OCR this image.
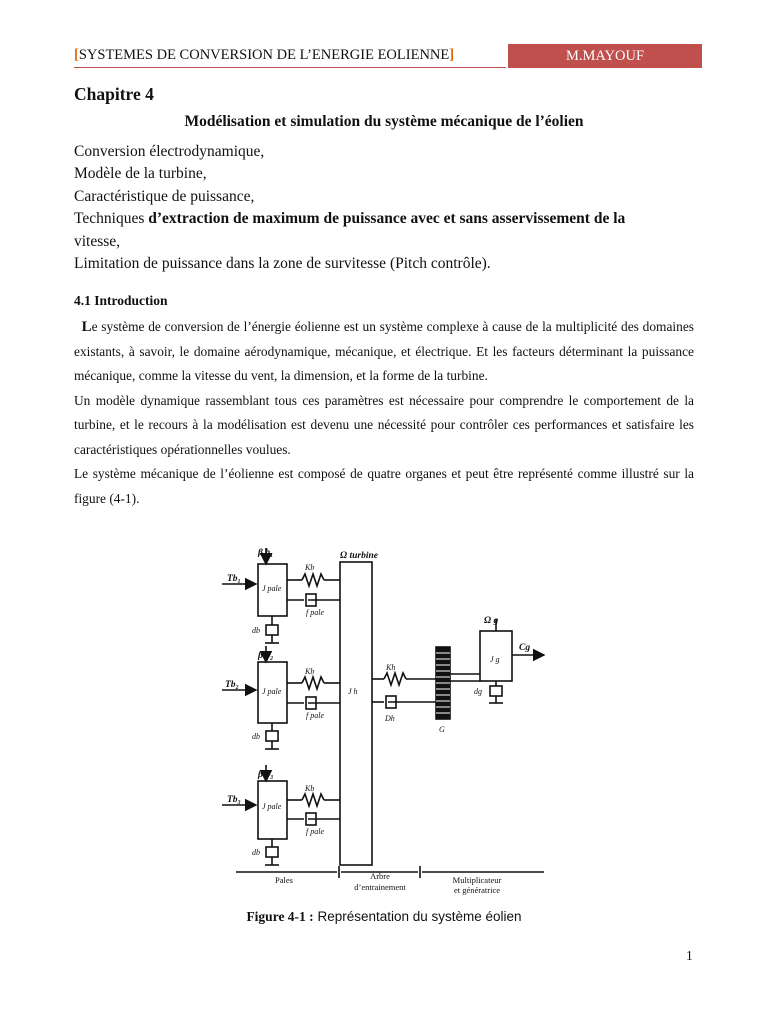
[SYSTEMES DE CONVERSION DE L’ENERGIE EOLIENNE]	M.MAYOUF
Chapitre 4
Modélisation et simulation du système mécanique de l’éolien
Conversion électrodynamique,
Modèle de la turbine,
Caractéristique de puissance,
Techniques d’extraction de maximum de puissance avec et sans asservissement de la
vitesse,
Limitation de puissance dans la zone de survitesse (Pitch contrôle).
4.1 Introduction

Le système de conversion de l’énergie éolienne est un système complexe à cause de la multiplicité des domaines existants, à savoir, le domaine aérodynamique, mécanique, et électrique. Et les facteurs déterminant la puissance mécanique, comme la vitesse du vent, la dimension, et la forme de la turbine.

Un modèle dynamique rassemblant tous ces paramètres est nécessaire pour comprendre le comportement de la turbine, et le recours à la modélisation est devenu une nécessité pour contrôler ces performances et satisfaire les caractéristiques opérationnelles voulues.

Le système mécanique de l’éolienne est composé de quatre organes et peut être représenté comme illustré sur la figure (4-1).

β b₁
β b₂
β b₃
Tb₁
Tb₂
Tb₃
Ω turbine
Ω g
Cg
J pale
J pale
J pale
Kb
Kb
Kb
f pale
f pale
f pale
db
db
db
J h
Kh
Dh
G
J g
dg
Pales	Arbre
d’entrainement
Multiplicateur
et génératrice
Figure 4-1 : Représentation du système éolien
1
